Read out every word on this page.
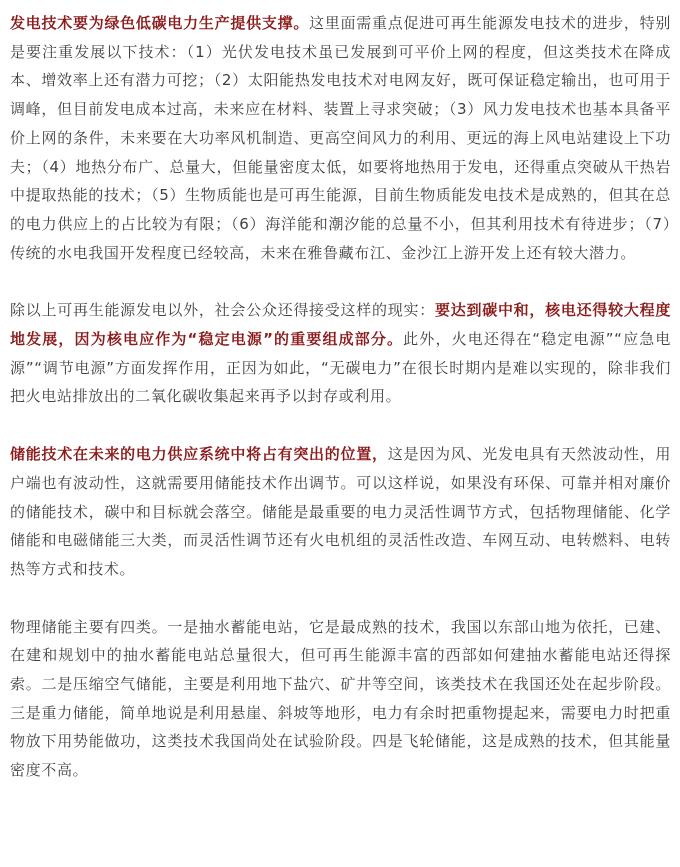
发电技术要为绿色低碳电力生产提供支撑。这里面需重点促进可再生能源发电技术的进步，特别是要注重发展以下技术：（1）光伏发电技术虽已发展到可平价上网的程度，但这类技术在降成本、增效率上还有潜力可挖；（2）太阳能热发电技术对电网友好，既可保证稳定输出，也可用于调峰，但目前发电成本过高，未来应在材料、装置上寻求突破；（3）风力发电技术也基本具备平价上网的条件，未来要在大功率风机制造、更高空间风力的利用、更远的海上风电站建设上下功夫；（4）地热分布广、总量大，但能量密度太低，如要将地热用于发电，还得重点突破从干热岩中提取热能的技术；（5）生物质能也是可再生能源，目前生物质能发电技术是成熟的，但其在总的电力供应上的占比较为有限；（6）海洋能和潮汐能的总量不小，但其利用技术有待进步；（7）传统的水电我国开发程度已经较高，未来在雅鲁藏布江、金沙江上游开发上还有较大潜力。

除以上可再生能源发电以外，社会公众还得接受这样的现实：要达到碳中和，核电还得较大程度地发展，因为核电应作为“稳定电源”的重要组成部分。此外，火电还得在“稳定电源”“应急电源”“调节电源”方面发挥作用，正因为如此，“无碳电力”在很长时期内是难以实现的，除非我们把火电站排放出的二氧化碳收集起来再予以封存或利用。

储能技术在未来的电力供应系统中将占有突出的位置，这是因为风、光发电具有天然波动性，用户端也有波动性，这就需要用储能技术作出调节。可以这样说，如果没有环保、可靠并相对廉价的储能技术，碳中和目标就会落空。储能是最重要的电力灵活性调节方式，包括物理储能、化学储能和电磁储能三大类，而灵活性调节还有火电机组的灵活性改造、车网互动、电转燃料、电转热等方式和技术。

物理储能主要有四类。一是抽水蓄能电站，它是最成熟的技术，我国以东部山地为依托，已建、在建和规划中的抽水蓄能电站总量很大，但可再生能源丰富的西部如何建抽水蓄能电站还得探索。二是压缩空气储能，主要是利用地下盐穴、矿井等空间，该类技术在我国还处在起步阶段。三是重力储能，简单地说是利用悬崖、斜坡等地形，电力有余时把重物提起来，需要电力时把重物放下用势能做功，这类技术我国尚处在试验阶段。四是飞轮储能，这是成熟的技术，但其能量密度不高。
